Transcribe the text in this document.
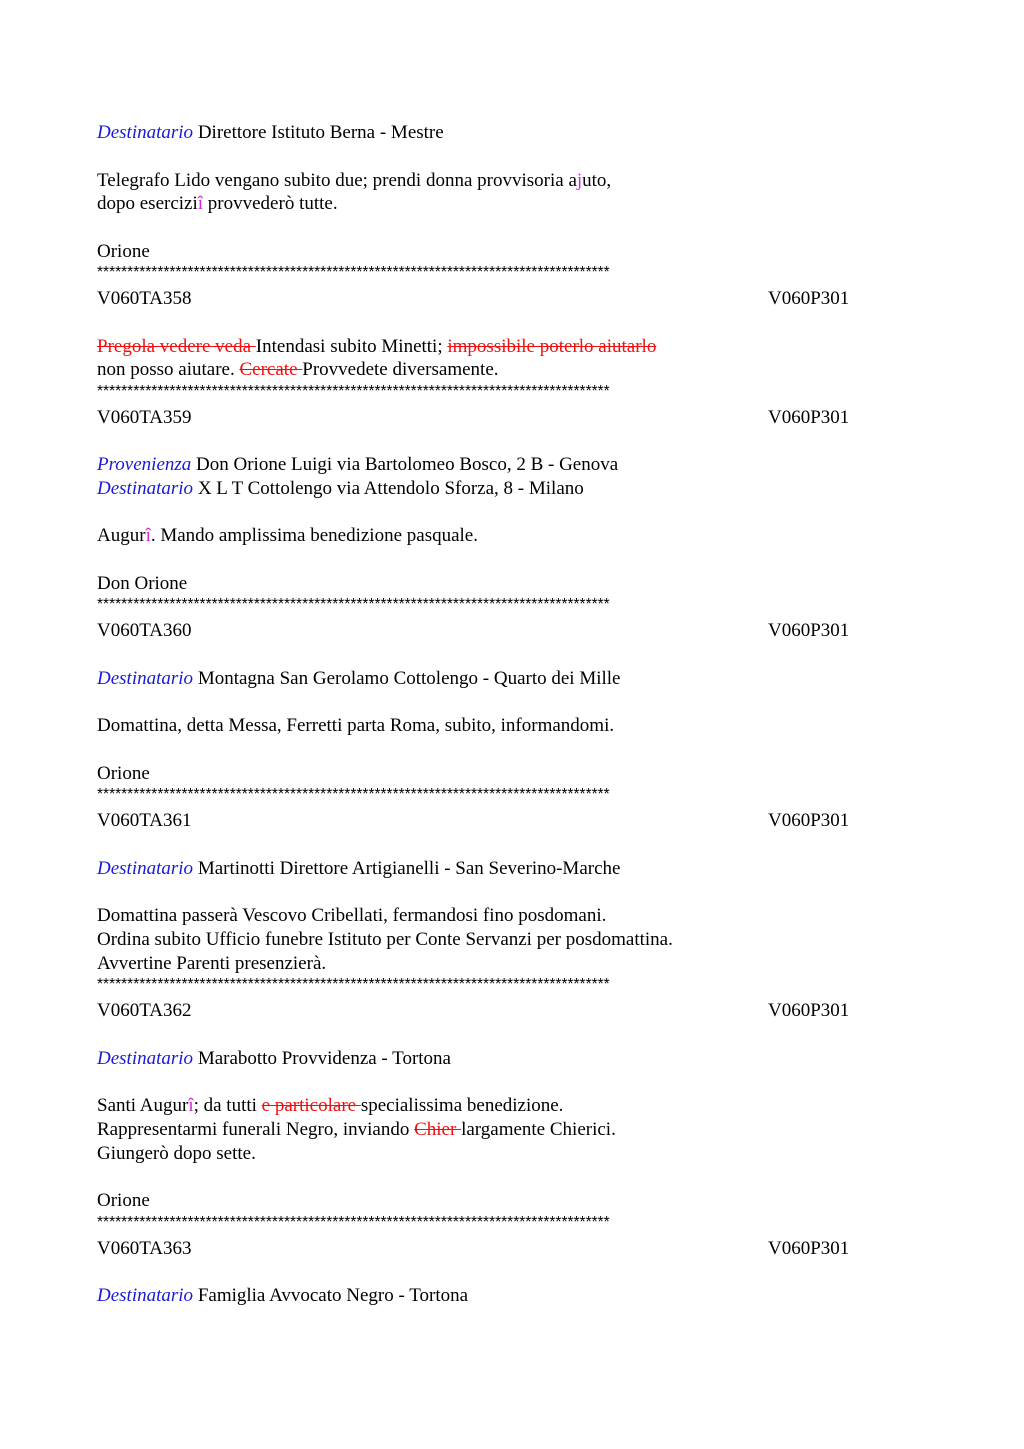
Destinatario Direttore Istituto Berna - Mestre
Telegrafo Lido vengano subito due; prendi donna provvisoria ajuto,
dopo eserciziî provvederò tutte.
Orione
*************************************************************************************
V060TA358	V060P301
Pregola vedere veda Intendasi subito Minetti; impossibile poterlo aiutarlo
non posso aiutare. Cercate Provvedete diversamente.
*************************************************************************************
V060TA359	V060P301
Provenienza Don Orione Luigi via Bartolomeo Bosco, 2 B - Genova
Destinatario X L T Cottolengo via Attendolo Sforza, 8 - Milano
Augurî. Mando amplissima benedizione pasquale.
Don Orione
*************************************************************************************
V060TA360	V060P301
Destinatario Montagna San Gerolamo Cottolengo - Quarto dei Mille
Domattina, detta Messa, Ferretti parta Roma, subito, informandomi.
Orione
*************************************************************************************
V060TA361	V060P301
Destinatario Martinotti Direttore Artigianelli - San Severino-Marche
Domattina passerà Vescovo Cribellati, fermandosi fino posdomani.
Ordina subito Ufficio funebre Istituto per Conte Servanzi per posdomattina.
Avvertine Parenti presenzierà.
*************************************************************************************
V060TA362	V060P301
Destinatario Marabotto Provvidenza - Tortona
Santi Augurî; da tutti e particolare specialissima benedizione.
Rappresentarmi funerali Negro, inviando Chier largamente Chierici.
Giungerò dopo sette.
Orione
*************************************************************************************
V060TA363	V060P301
Destinatario Famiglia Avvocato Negro - Tortona
